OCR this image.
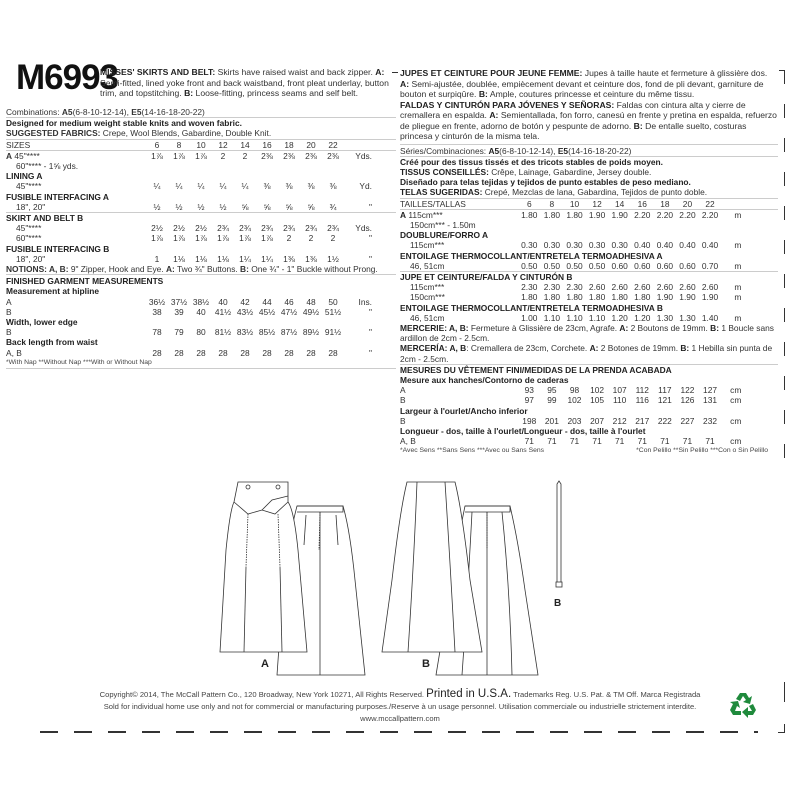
M6993
MISSES' SKIRTS AND BELT: Skirts have raised waist and back zipper. A: Semi-fitted, lined yoke front and back waistband, front pleat underlay, button trim, and topstitching. B: Loose-fitting, princess seams and self belt.
Combinations: A5(6-8-10-12-14), E5(14-16-18-20-22)
Designed for medium weight stable knits and woven fabric.
SUGGESTED FABRICS: Crepe, Wool Blends, Gabardine, Double Knit.
SIZES	6	8	10	12	14	16	18	20	22
A 45"****	1⅞	1⅞	1⅞	2	2	2⅜	2⅜	2⅜	2⅜	Yds.
60"**** - 1⅝ yds.
LINING A
45"****	¼	¼	¼	¼	¼	⅜	⅜	⅜	⅜	Yd.
FUSIBLE INTERFACING A
18", 20"	½	½	½	½	⅝	⅝	⅝	⅝	¾	"
SKIRT AND BELT B
45"****	2½	2½	2½	2¾	2¾	2¾	2¾	2¾	2¾	Yds.
60"****	1⅞	1⅞	1⅞	1⅞	1⅞	1⅞	2	2	2	"
FUSIBLE INTERFACING B
18", 20"	1	1⅛	1⅛	1⅛	1¼	1¼	1⅜	1⅜	1½	"
NOTIONS: A, B: 9" Zipper, Hook and Eye. A: Two ¾" Buttons. B: One ¾" - 1" Buckle without Prong.
FINISHED GARMENT MEASUREMENTS
Measurement at hipline
A	36½ 37½ 38½	40	42	44	46	48	50	Ins.
B	38	39	40	41½ 43½ 45½ 47½ 49½ 51½	"
Width, lower edge
B	78	79	80	81½ 83½ 85½ 87½ 89½ 91½	"
Back length from waist
A, B	28	28	28	28	28	28	28	28	28	"
*With Nap **Without Nap ***With or Without Nap
JUPES ET CEINTURE POUR JEUNE FEMME: Jupes à taille haute et fermeture à glissière dos. A: Semi-ajustée, doublée, empiècement devant et ceinture dos, fond de pli devant, garniture de bouton et surpiqûre. B: Ample, coutures princesse et ceinture du même tissu.
FALDAS Y CINTURÓN PARA JÓVENES Y SEÑORAS: Faldas con cintura alta y cierre de cremallera en espalda. A: Semientallada, fon forro, canesú en frente y pretina en espalda, refuerzo de pliegue en frente, adorno de botón y pespunte de adorno. B: De entalle suelto, costuras princesa y cinturón de la misma tela.
Séries/Combinaciones: A5(6-8-10-12-14), E5(14-16-18-20-22)
Créé pour des tissus tissés et des tricots stables de poids moyen.
TISSUS CONSEILLÉS: Crêpe, Lainage, Gabardine, Jersey double.
Diseñado para telas tejidas y tejidos de punto estables de peso mediano.
TELAS SUGERIDAS: Crepé, Mezclas de lana, Gabardina, Tejidos de punto doble.
TAILLES/TALLAS	6	8	10	12	14	16	18	20	22
A 115cm***	1.80 1.80 1.80 1.90 1.90 2.20 2.20 2.20 2.20	m
150cm*** - 1.50m
DOUBLURE/FORRO A
115cm***	0.30 0.30 0.30 0.30 0.30 0.40 0.40 0.40 0.40	m
ENTOILAGE THERMOCOLLANT/ENTRETELA TERMOADHESIVA A
46, 51cm	0.50 0.50 0.50 0.50 0.60 0.60 0.60 0.60 0.70	m
JUPE ET CEINTURE/FALDA Y CINTURÓN B
115cm***	2.30 2.30 2.30 2.60 2.60 2.60 2.60 2.60 2.60	m
150cm***	1.80 1.80 1.80 1.80 1.80 1.80 1.90 1.90 1.90	m
ENTOILAGE THERMOCOLLANT/ENTRETELA TERMOADHESIVA B
46, 51cm	1.00 1.10 1.10 1.10 1.20 1.20 1.30 1.30 1.40	m
MERCERIE: A, B: Fermeture à Glissière de 23cm, Agrafe. A: 2 Boutons de 19mm. B: 1 Boucle sans ardillon de 2cm - 2.5cm.
MERCERÍA: A, B: Cremallera de 23cm, Corchete. A: 2 Botones de 19mm. B: 1 Hebilla sin punta de 2cm - 2.5cm.
MESURES DU VÊTEMENT FINI/MEDIDAS DE LA PRENDA ACABADA
Mesure aux hanches/Contorno de caderas
A	93	95	98	102	107	112	117	122	127	cm
B	97	99	102	105	110	116	121	126	131	cm
Largeur à l'ourlet/Ancho inferior
B	198	201	203	207	212	217	222	227	232	cm
Longueur - dos, taille à l'ourlet/Longueur - dos, taille à l'ourlet
A, B	71	71	71	71	71	71	71	71	71	cm
*Avec Sens **Sans Sens ***Avec ou Sans Sens	*Con Pelillo **Sin Pelillo ***Con o Sin Pelillo
A	B
B
Copyright© 2014, The McCall Pattern Co., 120 Broadway, New York 10271, All Rights Reserved. Printed in U.S.A. Trademarks Reg. U.S. Pat. & TM Off. Marca Registrada
Sold for individual home use only and not for commercial or manufacturing purposes./Reserve à un usage personnel. Utilisation commerciale ou industrielle strictement interdite.
www.mccallpattern.com
